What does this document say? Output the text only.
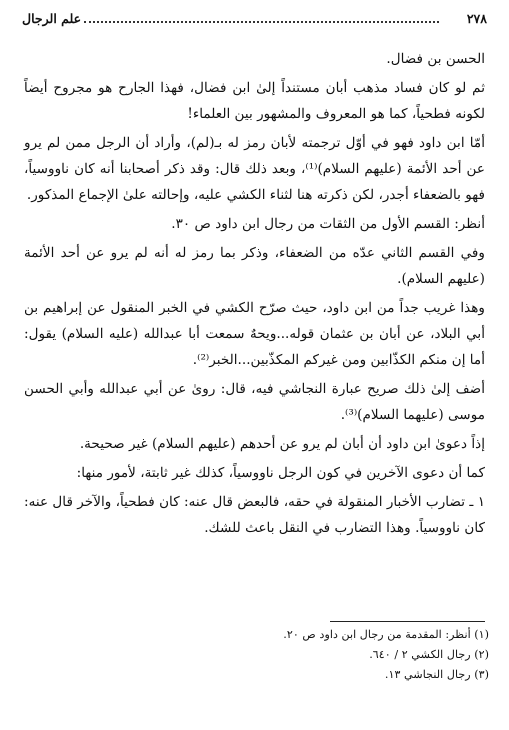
٢٧٨
علم الرجال

الحسن بن فضال.

ثم لو كان فساد مذهب أبان مستنداً إلىٰ ابن فضال، فهذا الجارح هو مجروح أيضاً لكونه فطحياً، كما هو المعروف والمشهور بين العلماء!

أمّا ابن داود فهو في أوّل ترجمته لأبان رمز له بـ(لم)، وأراد أن الرجل ممن لم يرو عن أحد الأئمة (عليهم السلام)⁽¹⁾، وبعد ذلك قال: وقد ذكر أصحابنا أنه كان ناووسياً، فهو بالضعفاء أجدر، لكن ذكرته هنا لثناء الكشي عليه، وإحالته علىٰ الإجماع المذكور.

أنظر: القسم الأول من الثقات من رجال ابن داود ص ٣٠.

وفي القسم الثاني عدّه من الضعفاء، وذكر بما رمز له أنه لم يرو عن أحد الأئمة (عليهم السلام).

وهذا غريب جداً من ابن داود، حيث صرّح الكشي في الخبر المنقول عن إبراهيم بن أبي البلاد، عن أبان بن عثمان قوله...ويحهٌ سمعت أبا عبدالله (عليه السلام) يقول: أما إن منكم الكذّابين ومن غيركم المكذّبين...الخبر⁽²⁾.

أضف إلىٰ ذلك صريح عبارة النجاشي فيه، قال: روىٰ عن أبي عبدالله وأبي الحسن موسى (عليهما السلام)⁽³⁾.

إذاً دعوىٰ ابن داود أن أبان لم يرو عن أحدهم (عليهم السلام) غير صحيحة.

كما أن دعوى الآخرين في كون الرجل ناووسياً، كذلك غير ثابتة، لأمور منها:

١ ـ تضارب الأخبار المنقولة في حقه، فالبعض قال عنه: كان فطحياً، والآخر قال عنه: كان ناووسياً. وهذا التضارب في النقل باعث للشك.

(١) أنظر: المقدمة من رجال ابن داود ص ٢٠.
(٢) رجال الكشي ٢ / ٦٤٠.
(٣) رجال النجاشي ١٣.
